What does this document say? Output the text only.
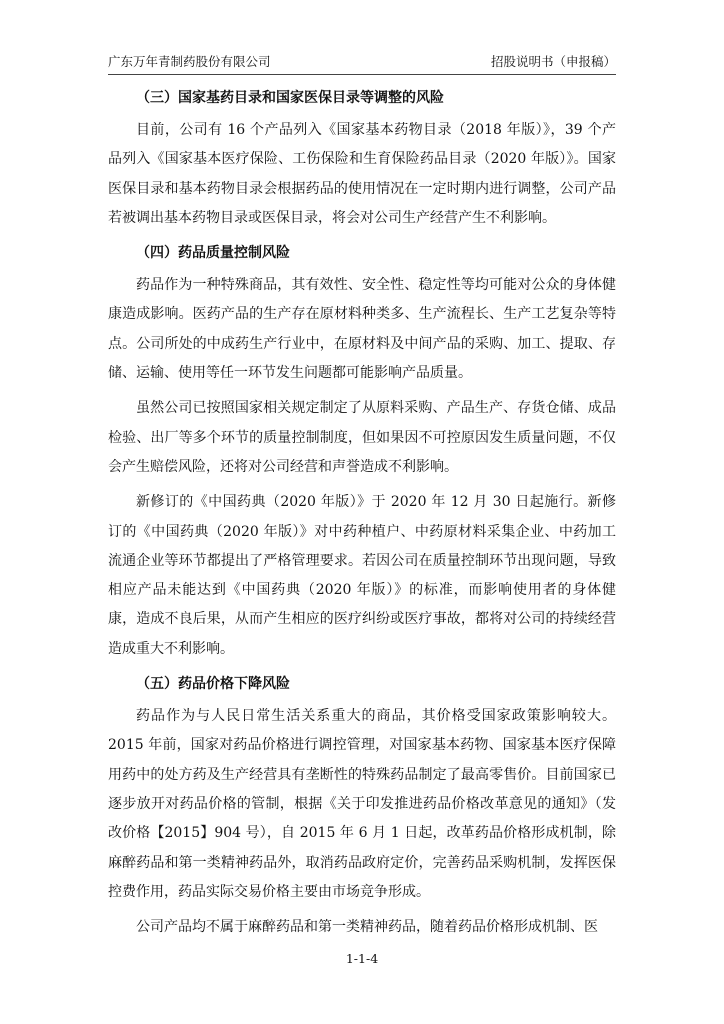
广东万年青制药股份有限公司	招股说明书（申报稿）
（三）国家基药目录和国家医保目录等调整的风险

目前，公司有 16 个产品列入《国家基本药物目录（2018 年版）》，39 个产品列入《国家基本医疗保险、工伤保险和生育保险药品目录（2020 年版）》。国家医保目录和基本药物目录会根据药品的使用情况在一定时期内进行调整，公司产品若被调出基本药物目录或医保目录，将会对公司生产经营产生不利影响。

（四）药品质量控制风险

药品作为一种特殊商品，其有效性、安全性、稳定性等均可能对公众的身体健康造成影响。医药产品的生产存在原材料种类多、生产流程长、生产工艺复杂等特点。公司所处的中成药生产行业中，在原材料及中间产品的采购、加工、提取、存储、运输、使用等任一环节发生问题都可能影响产品质量。

虽然公司已按照国家相关规定制定了从原料采购、产品生产、存货仓储、成品检验、出厂等多个环节的质量控制制度，但如果因不可控原因发生质量问题，不仅会产生赔偿风险，还将对公司经营和声誉造成不利影响。

新修订的《中国药典（2020 年版）》于 2020 年 12 月 30 日起施行。新修订的《中国药典（2020 年版）》对中药种植户、中药原材料采集企业、中药加工流通企业等环节都提出了严格管理要求。若因公司在质量控制环节出现问题，导致相应产品未能达到《中国药典（2020 年版）》的标准，而影响使用者的身体健康，造成不良后果，从而产生相应的医疗纠纷或医疗事故，都将对公司的持续经营造成重大不利影响。

（五）药品价格下降风险

药品作为与人民日常生活关系重大的商品，其价格受国家政策影响较大。2015 年前，国家对药品价格进行调控管理，对国家基本药物、国家基本医疗保障用药中的处方药及生产经营具有垄断性的特殊药品制定了最高零售价。目前国家已逐步放开对药品价格的管制，根据《关于印发推进药品价格改革意见的通知》（发改价格【2015】904 号），自 2015 年 6 月 1 日起，改革药品价格形成机制，除麻醉药品和第一类精神药品外，取消药品政府定价，完善药品采购机制，发挥医保控费作用，药品实际交易价格主要由市场竞争形成。

公司产品均不属于麻醉药品和第一类精神药品，随着药品价格形成机制、医

1-1-4
